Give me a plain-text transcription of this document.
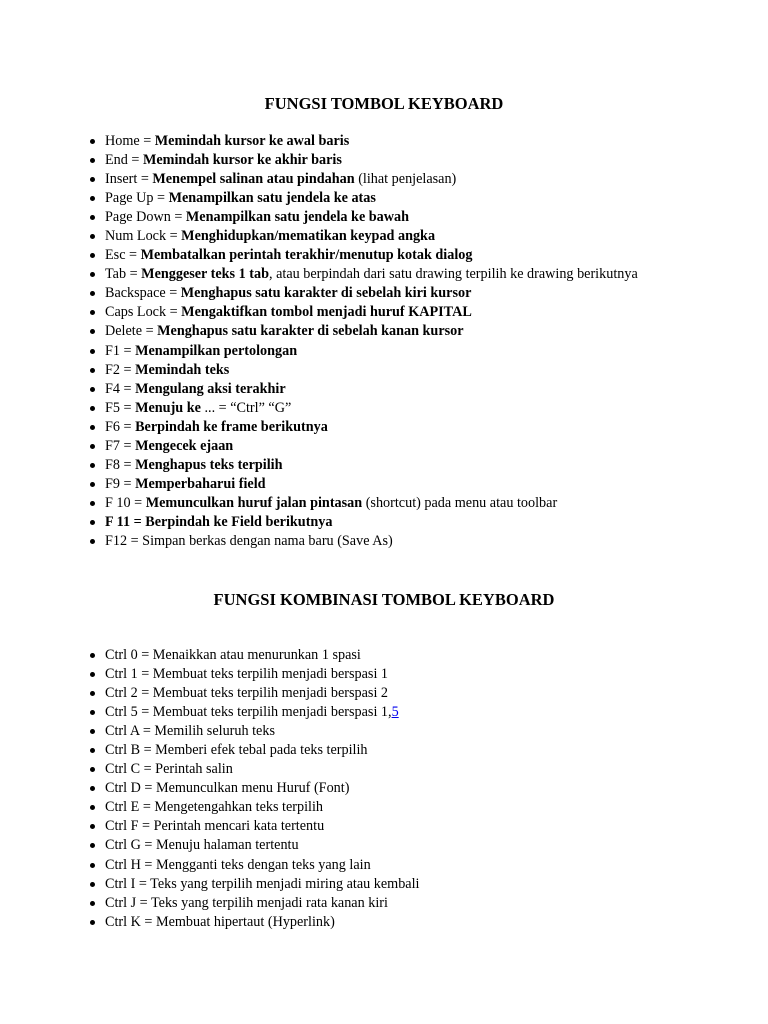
FUNGSI TOMBOL KEYBOARD
Home = Memindah kursor ke awal baris
End = Memindah kursor ke akhir baris
Insert = Menempel salinan atau pindahan (lihat penjelasan)
Page Up = Menampilkan satu jendela ke atas
Page Down = Menampilkan satu jendela ke bawah
Num Lock = Menghidupkan/mematikan keypad angka
Esc = Membatalkan perintah terakhir/menutup kotak dialog
Tab = Menggeser teks 1 tab, atau berpindah dari satu drawing terpilih ke drawing berikutnya
Backspace = Menghapus satu karakter di sebelah kiri kursor
Caps Lock = Mengaktifkan tombol menjadi huruf KAPITAL
Delete = Menghapus satu karakter di sebelah kanan kursor
F1 = Menampilkan pertolongan
F2 = Memindah teks
F4 = Mengulang aksi terakhir
F5 = Menuju ke ... = “Ctrl” “G”
F6 = Berpindah ke frame berikutnya
F7 = Mengecek ejaan
F8 = Menghapus teks terpilih
F9 = Memperbaharui field
F 10 = Memunculkan huruf jalan pintasan (shortcut) pada menu atau toolbar
F 11 = Berpindah ke Field berikutnya
F12 = Simpan berkas dengan nama baru (Save As)
FUNGSI KOMBINASI TOMBOL KEYBOARD
Ctrl 0 = Menaikkan atau menurunkan 1 spasi
Ctrl 1 = Membuat teks terpilih menjadi berspasi 1
Ctrl 2 = Membuat teks terpilih menjadi berspasi 2
Ctrl 5 = Membuat teks terpilih menjadi berspasi 1,5
Ctrl A = Memilih seluruh teks
Ctrl B = Memberi efek tebal pada teks terpilih
Ctrl C = Perintah salin
Ctrl D = Memunculkan menu Huruf (Font)
Ctrl E = Mengetengahkan teks terpilih
Ctrl F = Perintah mencari kata tertentu
Ctrl G = Menuju halaman tertentu
Ctrl H = Mengganti teks dengan teks yang lain
Ctrl I = Teks yang terpilih menjadi miring atau kembali
Ctrl J = Teks yang terpilih menjadi rata kanan kiri
Ctrl K = Membuat hipertaut (Hyperlink)
